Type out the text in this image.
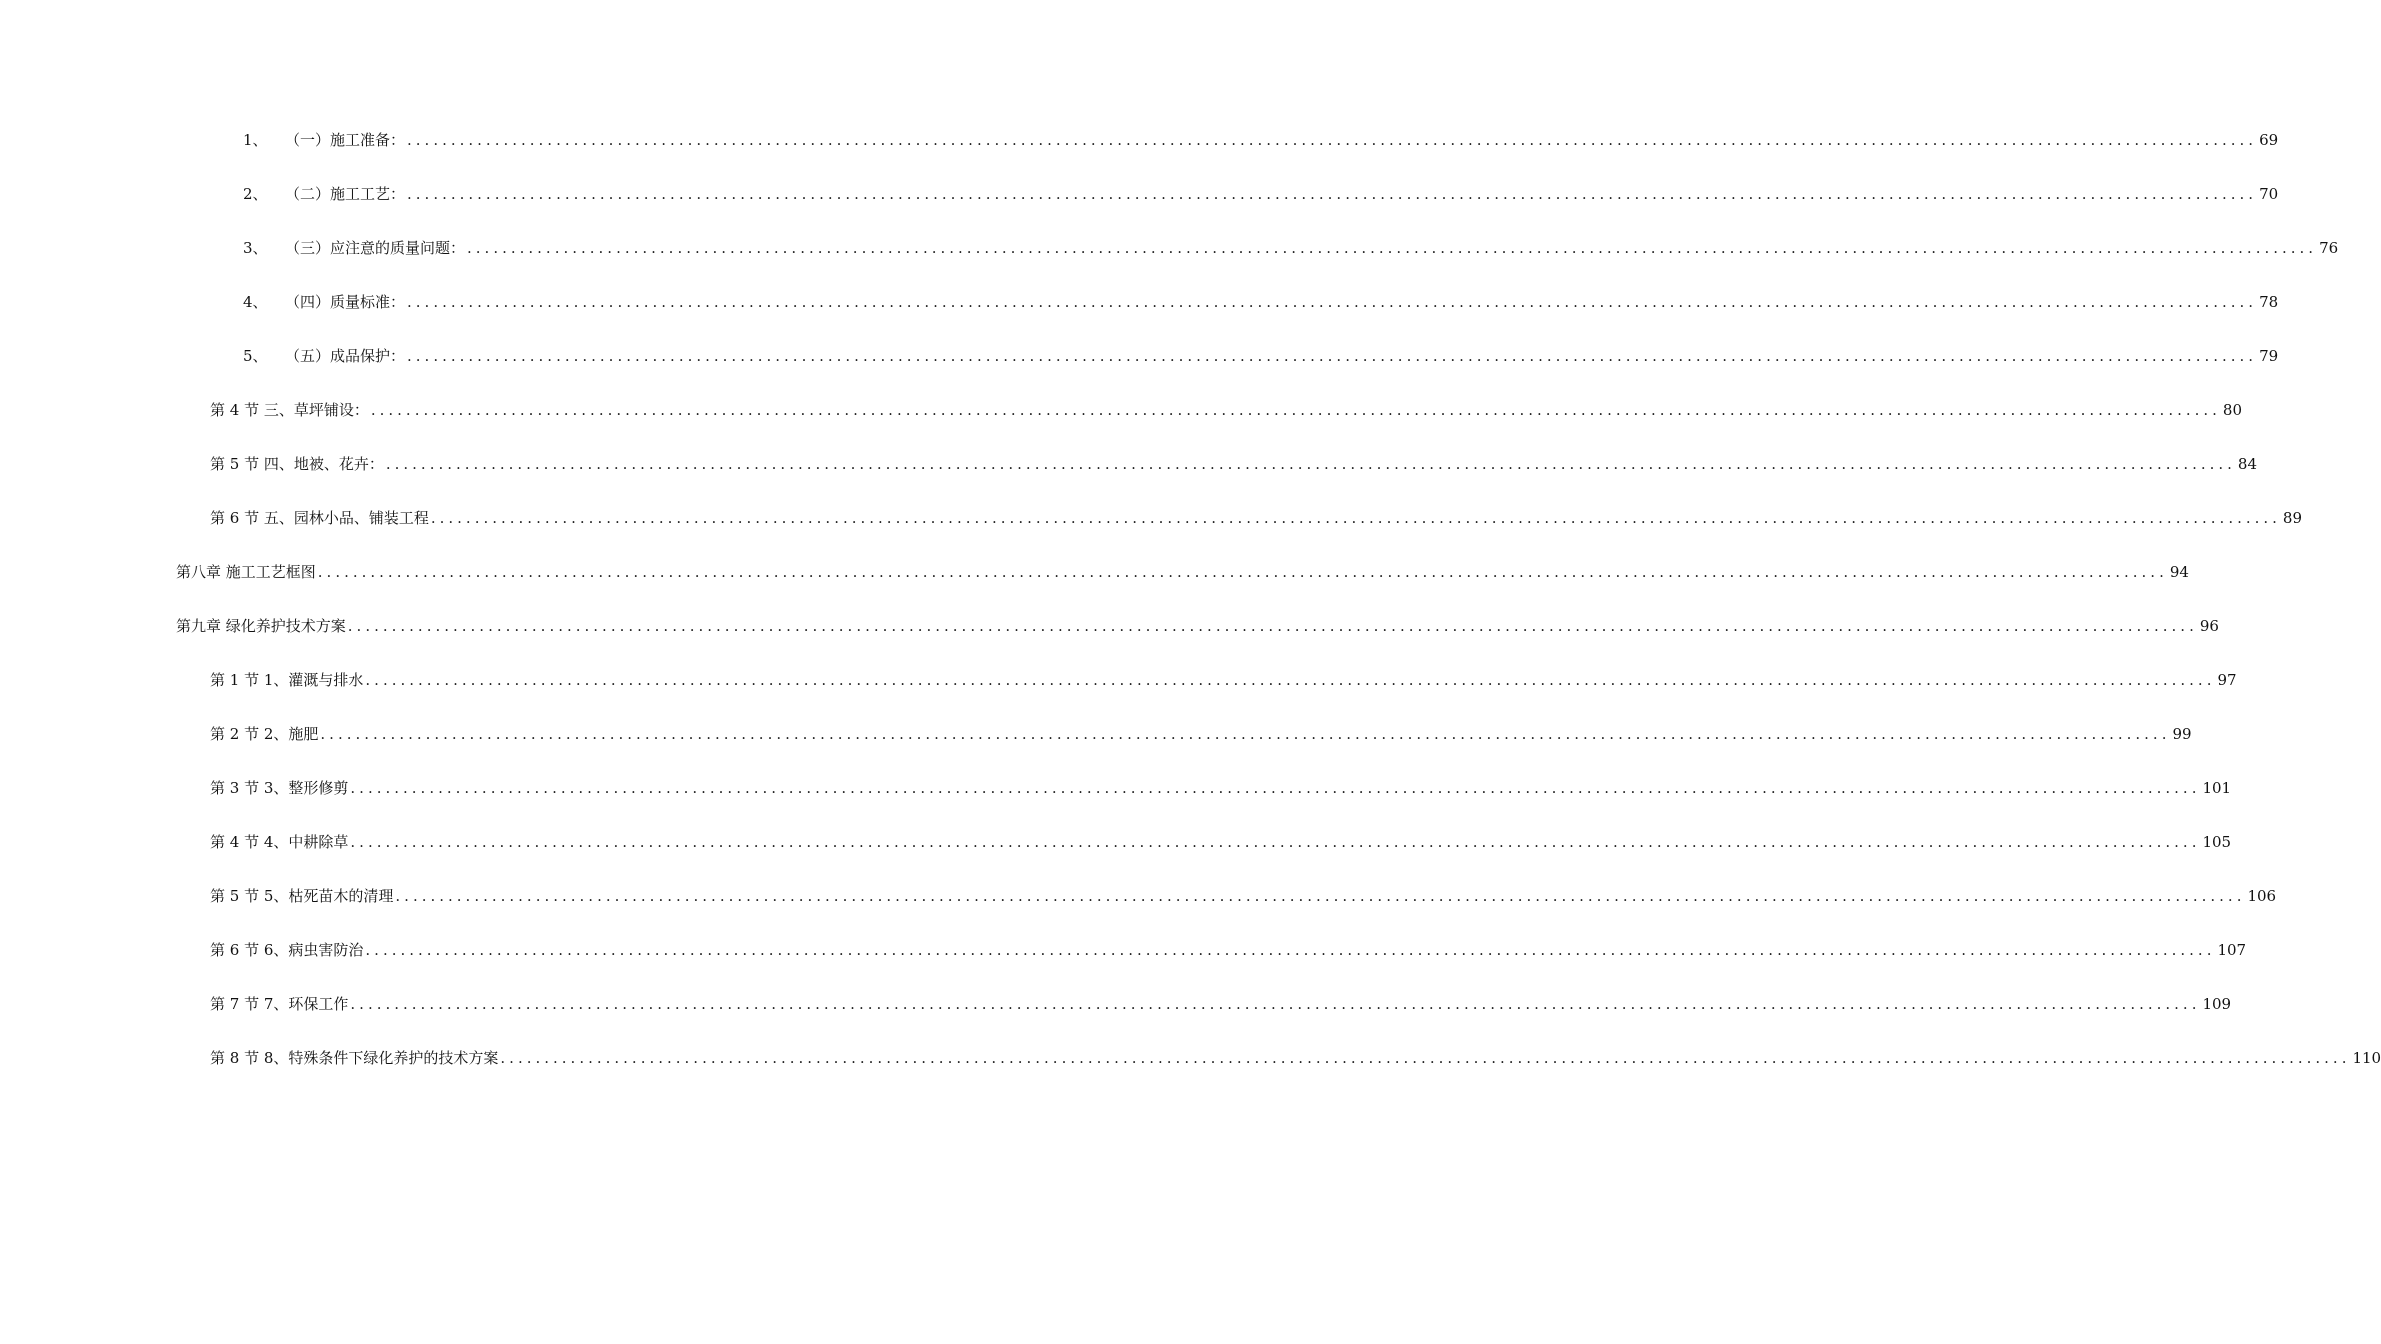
1、 （一）施工准备： ................................................................................................................................................................................................................... 69
2、 （二）施工工艺： ................................................................................................................................................................................................................... 70
3、 （三）应注意的质量问题： ................................................................................................................................................................................................................... 76
4、 （四）质量标准： ................................................................................................................................................................................................................... 78
5、 （五）成品保护： ................................................................................................................................................................................................................... 79
第 4 节 三、草坪铺设： ................................................................................................................................................................................................................... 80
第 5 节 四、地被、花卉： ................................................................................................................................................................................................................... 84
第 6 节 五、园林小品、铺装工程 ................................................................................................................................................................................................................... 89
第八章 施工工艺框图 ................................................................................................................................................................................................................... 94
第九章 绿化养护技术方案 ................................................................................................................................................................................................................... 96
第 1 节 1、灌溉与排水 ................................................................................................................................................................................................................... 97
第 2 节 2、施肥 ................................................................................................................................................................................................................... 99
第 3 节 3、整形修剪 ................................................................................................................................................................................................................... 101
第 4 节 4、中耕除草 ................................................................................................................................................................................................................... 105
第 5 节 5、枯死苗木的清理 ................................................................................................................................................................................................................... 106
第 6 节 6、病虫害防治 ................................................................................................................................................................................................................... 107
第 7 节 7、环保工作 ................................................................................................................................................................................................................... 109
第 8 节 8、特殊条件下绿化养护的技术方案 ................................................................................................................................................................................................................... 110
